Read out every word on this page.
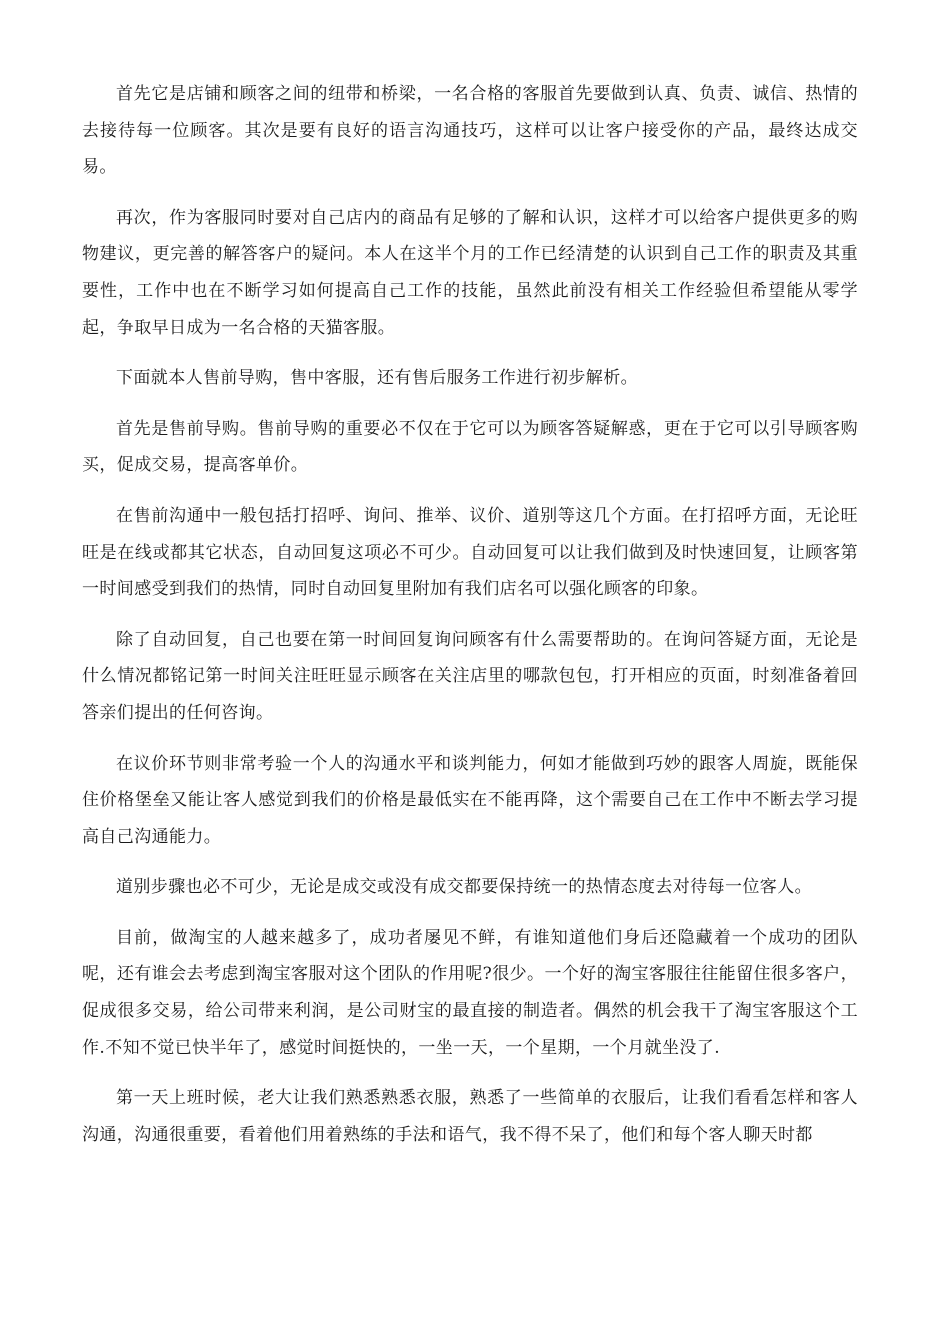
首先它是店铺和顾客之间的纽带和桥梁，一名合格的客服首先要做到认真、负责、诚信、热情的去接待每一位顾客。其次是要有良好的语言沟通技巧，这样可以让客户接受你的产品，最终达成交易。

再次，作为客服同时要对自己店内的商品有足够的了解和认识，这样才可以给客户提供更多的购物建议，更完善的解答客户的疑问。本人在这半个月的工作已经清楚的认识到自己工作的职责及其重要性，工作中也在不断学习如何提高自己工作的技能，虽然此前没有相关工作经验但希望能从零学起，争取早日成为一名合格的天猫客服。

下面就本人售前导购，售中客服，还有售后服务工作进行初步解析。

首先是售前导购。售前导购的重要必不仅在于它可以为顾客答疑解惑，更在于它可以引导顾客购买，促成交易，提高客单价。

在售前沟通中一般包括打招呼、询问、推举、议价、道别等这几个方面。在打招呼方面，无论旺旺是在线或都其它状态，自动回复这项必不可少。自动回复可以让我们做到及时快速回复，让顾客第一时间感受到我们的热情，同时自动回复里附加有我们店名可以强化顾客的印象。

除了自动回复，自己也要在第一时间回复询问顾客有什么需要帮助的。在询问答疑方面，无论是什么情况都铭记第一时间关注旺旺显示顾客在关注店里的哪款包包，打开相应的页面，时刻准备着回答亲们提出的任何咨询。

在议价环节则非常考验一个人的沟通水平和谈判能力，何如才能做到巧妙的跟客人周旋，既能保住价格堡垒又能让客人感觉到我们的价格是最低实在不能再降，这个需要自己在工作中不断去学习提高自己沟通能力。

道别步骤也必不可少，无论是成交或没有成交都要保持统一的热情态度去对待每一位客人。

目前，做淘宝的人越来越多了，成功者屡见不鲜，有谁知道他们身后还隐藏着一个成功的团队呢，还有谁会去考虑到淘宝客服对这个团队的作用呢?很少。一个好的淘宝客服往往能留住很多客户，促成很多交易，给公司带来利润，是公司财宝的最直接的制造者。偶然的机会我干了淘宝客服这个工作.不知不觉已快半年了，感觉时间挺快的，一坐一天，一个星期，一个月就坐没了.

第一天上班时候，老大让我们熟悉熟悉衣服，熟悉了一些简单的衣服后，让我们看看怎样和客人沟通，沟通很重要，看着他们用着熟练的手法和语气，我不得不呆了，他们和每个客人聊天时都
